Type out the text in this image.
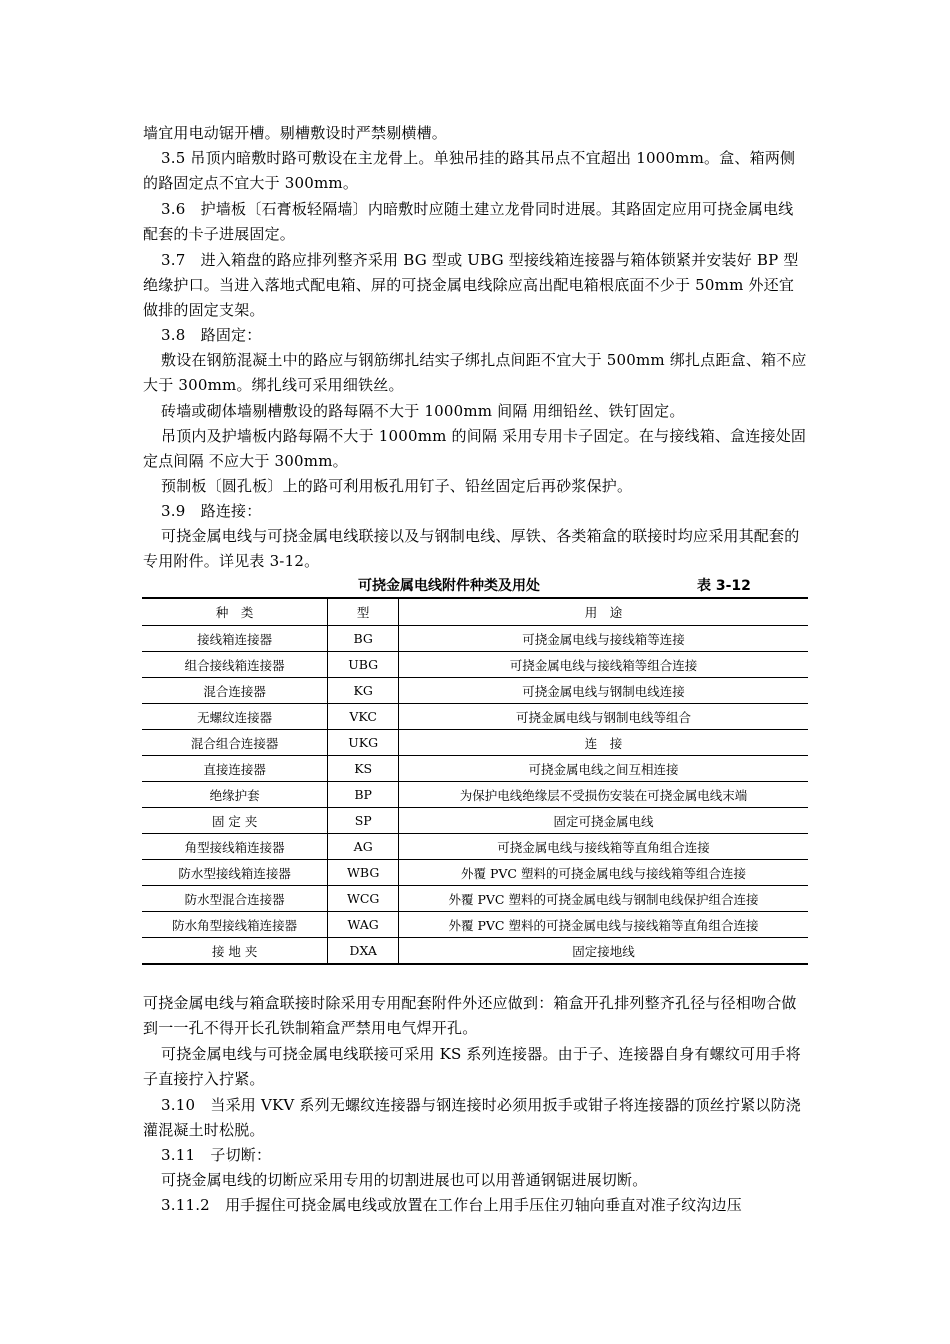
墙宜用电动锯开槽。剔槽敷设时严禁剔横槽。

3.5 吊顶内暗敷时路可敷设在主龙骨上。单独吊挂的路其吊点不宜超出 1000mm。盒、箱两侧的路固定点不宜大于 300mm。

3.6　护墙板〔石膏板轻隔墙〕内暗敷时应随土建立龙骨同时进展。其路固定应用可挠金属电线配套的卡子进展固定。

3.7　进入箱盘的路应排列整齐采用 BG 型或 UBG 型接线箱连接器与箱体锁紧并安装好 BP 型绝缘护口。当进入落地式配电箱、屏的可挠金属电线除应高出配电箱根底面不少于 50mm 外还宜做排的固定支架。

3.8　路固定：

敷设在钢筋混凝土中的路应与钢筋绑扎结实子绑扎点间距不宜大于 500mm 绑扎点距盒、箱不应大于 300mm。绑扎线可采用细铁丝。

砖墙或砌体墙剔槽敷设的路每隔不大于 1000mm 间隔 用细铅丝、铁钉固定。

吊顶内及护墙板内路每隔不大于 1000mm 的间隔 采用专用卡子固定。在与接线箱、盒连接处固定点间隔 不应大于 300mm。

预制板〔圆孔板〕上的路可利用板孔用钉子、铅丝固定后再砂浆保护。

3.9　路连接：

可挠金属电线与可挠金属电线联接以及与钢制电线、厚铁、各类箱盒的联接时均应采用其配套的专用附件。详见表 3-12。

可挠金属电线附件种类及用处	表 3-12
种　类	型	用　途
接线箱连接器	BG	可挠金属电线与接线箱等连接
组合接线箱连接器	UBG	可挠金属电线与接线箱等组合连接
混合连接器	KG	可挠金属电线与钢制电线连接
无螺纹连接器	VKC	可挠金属电线与钢制电线等组合
混合组合连接器	UKG	连　接
直接连接器	KS	可挠金属电线之间互相连接
绝缘护套	BP	为保护电线绝缘层不受损伤安装在可挠金属电线末端
固 定 夹	SP	固定可挠金属电线
角型接线箱连接器	AG	可挠金属电线与接线箱等直角组合连接
防水型接线箱连接器	WBG	外覆 PVC 塑料的可挠金属电线与接线箱等组合连接
防水型混合连接器	WCG	外覆 PVC 塑料的可挠金属电线与钢制电线保护组合连接
防水角型接线箱连接器	WAG	外覆 PVC 塑料的可挠金属电线与接线箱等直角组合连接
接 地 夹	DXA	固定接地线

可挠金属电线与箱盒联接时除采用专用配套附件外还应做到：箱盒开孔排列整齐孔径与径相吻合做到一一孔不得开长孔铁制箱盒严禁用电气焊开孔。

可挠金属电线与可挠金属电线联接可采用 KS 系列连接器。由于子、连接器自身有螺纹可用手将子直接拧入拧紧。

3.10　当采用 VKV 系列无螺纹连接器与钢连接时必须用扳手或钳子将连接器的顶丝拧紧以防浇灌混凝土时松脱。

3.11　子切断：

可挠金属电线的切断应采用专用的切割进展也可以用普通钢锯进展切断。

3.11.2　用手握住可挠金属电线或放置在工作台上用手压住刃轴向垂直对准子纹沟边压
